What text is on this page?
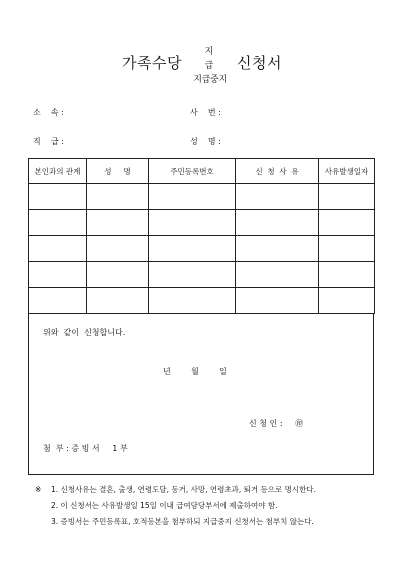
가족수당
지 급
지급중지
신청서
소    속 :	사    번 :
직    급 :	성    명 :
본인과의 관계	성     명	주민등록번호	신  청  사  유	사유발생일자

위와  같이  신청합니다.
년        월        일
신 청 인 :     ㊞
첨  부 : 증 빙 서     1 부
※ 1. 신청사유는 결혼, 출생, 연령도달, 동거, 사망, 연령초과, 퇴거 등으로 명시한다.
2. 이 신청서는 사유발생일 15일 이내 급여담당부서에 제출하여야 함.
3. 증빙서는 주민등록표, 호적등본을 첨부하되 지급중지 신청서는 첨부치 않는다.
